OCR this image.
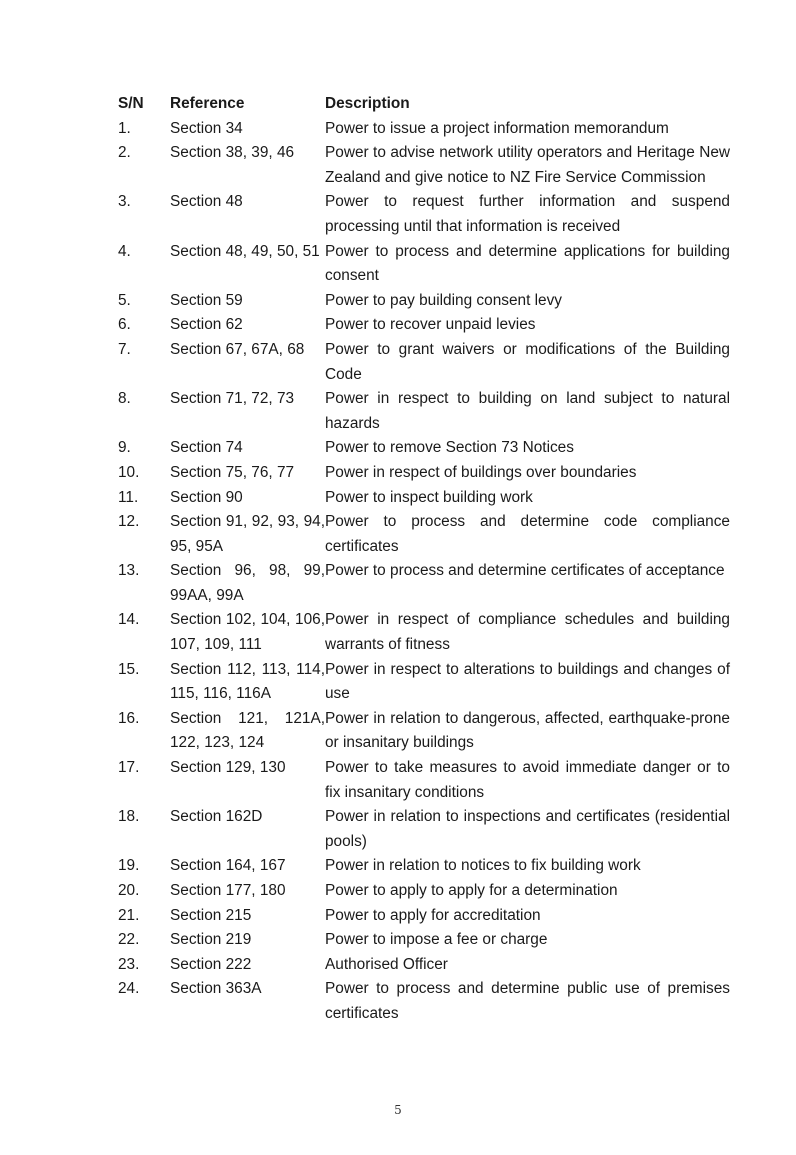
S/N	Reference	Description
1.	Section 34	Power to issue a project information memorandum
2.	Section 38, 39, 46	Power to advise network utility operators and Heritage New Zealand and give notice to NZ Fire Service Commission
3.	Section 48	Power to request further information and suspend processing until that information is received
4.	Section 48, 49, 50, 51	Power to process and determine applications for building consent
5.	Section 59	Power to pay building consent levy
6.	Section 62	Power to recover unpaid levies
7.	Section 67, 67A, 68	Power to grant waivers or modifications of the Building Code
8.	Section 71, 72, 73	Power in respect to building on land subject to natural hazards
9.	Section 74	Power to remove Section 73 Notices
10.	Section 75, 76, 77	Power in respect of buildings over boundaries
11.	Section 90	Power to inspect building work
12.	Section 91, 92, 93, 94, 95, 95A	Power to process and determine code compliance certificates
13.	Section 96, 98, 99, 99AA, 99A	Power to process and determine certificates of acceptance
14.	Section 102, 104, 106, 107, 109, 111	Power in respect of compliance schedules and building warrants of fitness
15.	Section 112, 113, 114, 115, 116, 116A	Power in respect to alterations to buildings and changes of use
16.	Section 121, 121A, 122, 123, 124	Power in relation to dangerous, affected, earthquake-prone or insanitary buildings
17.	Section 129, 130	Power to take measures to avoid immediate danger or to fix insanitary conditions
18.	Section 162D	Power in relation to inspections and certificates (residential pools)
19.	Section 164, 167	Power in relation to notices to fix building work
20.	Section 177, 180	Power to apply to apply for a determination
21.	Section 215	Power to apply for accreditation
22.	Section 219	Power to impose a fee or charge
23.	Section 222	Authorised Officer
24.	Section 363A	Power to process and determine public use of premises certificates
5
